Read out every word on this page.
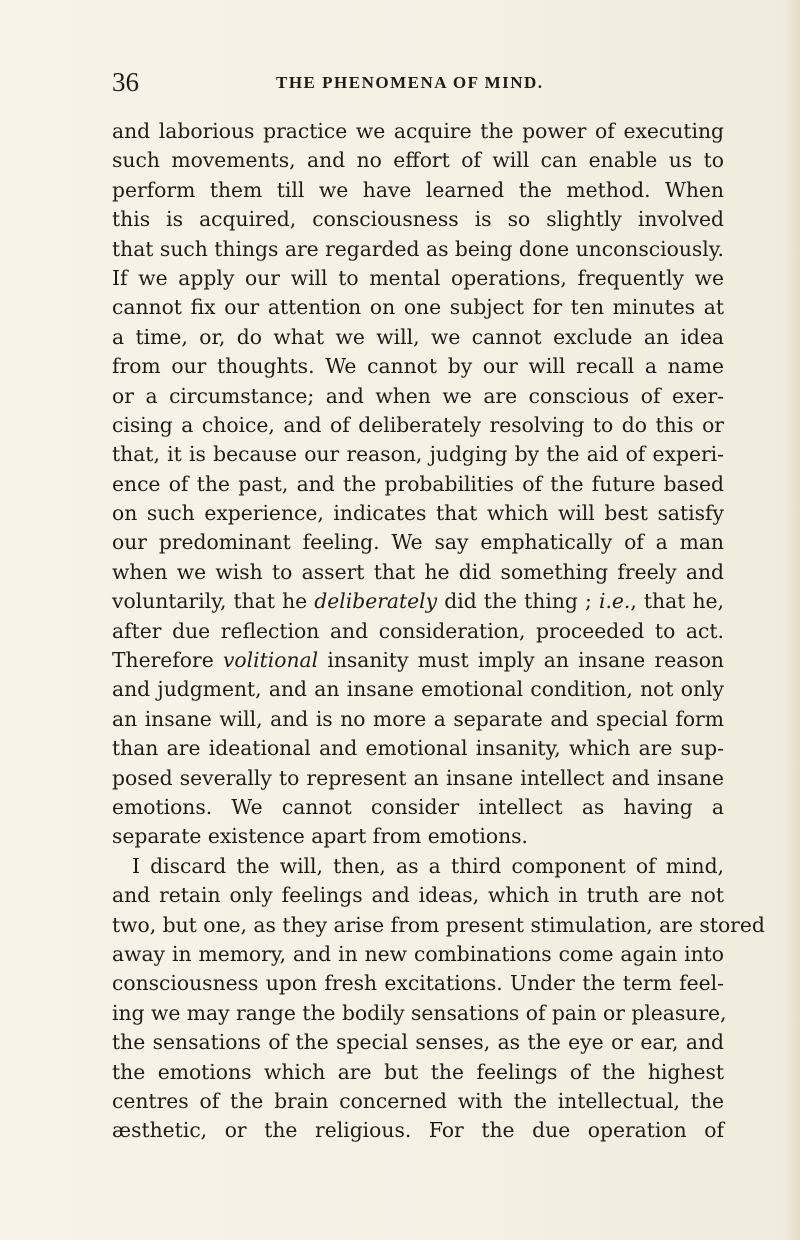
36	THE PHENOMENA OF MIND.
and laborious practice we acquire the power of executing
such movements, and no effort of will can enable us to
perform them till we have learned the method. When
this is acquired, consciousness is so slightly involved
that such things are regarded as being done unconsciously.
If we apply our will to mental operations, frequently we
cannot fix our attention on one subject for ten minutes at
a time, or, do what we will, we cannot exclude an idea
from our thoughts. We cannot by our will recall a name
or a circumstance; and when we are conscious of exer-
cising a choice, and of deliberately resolving to do this or
that, it is because our reason, judging by the aid of experi-
ence of the past, and the probabilities of the future based
on such experience, indicates that which will best satisfy
our predominant feeling. We say emphatically of a man
when we wish to assert that he did something freely and
voluntarily, that he deliberately did the thing ; i.e., that he,
after due reflection and consideration, proceeded to act.
Therefore volitional insanity must imply an insane reason
and judgment, and an insane emotional condition, not only
an insane will, and is no more a separate and special form
than are ideational and emotional insanity, which are sup-
posed severally to represent an insane intellect and insane
emotions. We cannot consider intellect as having a
separate existence apart from emotions.
I discard the will, then, as a third component of mind,
and retain only feelings and ideas, which in truth are not
two, but one, as they arise from present stimulation, are stored
away in memory, and in new combinations come again into
consciousness upon fresh excitations. Under the term feel-
ing we may range the bodily sensations of pain or pleasure,
the sensations of the special senses, as the eye or ear, and
the emotions which are but the feelings of the highest
centres of the brain concerned with the intellectual, the
æsthetic, or the religious. For the due operation of
